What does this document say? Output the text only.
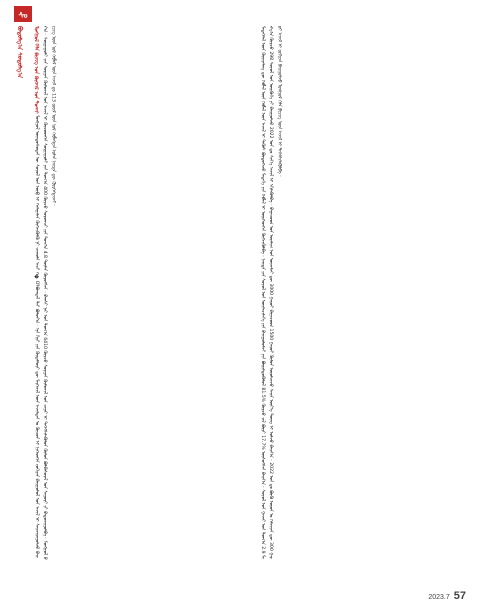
ᠰᠤ
ᠪᠣᠳᠣᠯᠭ᠎ᠠ ᠰᠤᠳᠤᠯᠭ᠎ᠠ	ᠮᠣᠩᠭᠣᠯ ᠬᠡᠯᠡ ᠪᠢᠴᠢᠭ ᠤᠨ ᠬᠥᠭᠵᠢᠯ ᠤᠨ ᠲᠤᠬᠠᠢ ᠮᠣᠩᠭᠣᠯ ᠦᠨᠳᠦᠰᠦᠲᠡᠨ ᠦ ᠰᠣᠶᠣᠯ ᠤᠨ ᠥᠪ ᠢ ᠬᠠᠮᠠᠭᠠᠯᠠᠨ ᠬᠥᠭᠵᠢᠭᠦᠯᠬᠦ ᠨᠢ ᠴᠢᠬᠤᠯᠠ ᠠᠴᠢ ᠬ�O᠌ᠯᠪᠣᠭᠳᠠᠯ ᠲᠠᠢ ᠪᠣᠯᠤᠨ᠎ᠠ᠃ ᠡᠨᠡ ᠬᠢᠷᠢ ᠶᠢᠨ ᠬᠦᠳᠡᠯᠮᠦᠷᠢ ᠳᠦ ᠮᠡᠷᠭᠡᠵᠢᠯ ᠦᠨ ᠠᠵᠢᠯᠲᠠᠨ ᠤ ᠬᠦᠴᠦᠨ ᠢ ᠨᠢᠭᠡᠳᠬᠡᠨ ᠵᠣᠬᠢᠶᠠᠨ ᠪᠠᠢᠭᠤᠯᠤᠯ ᠤᠨ ᠠᠵᠢᠯ ᠢ ᠰᠠᠢᠵᠢᠷᠠᠭᠤᠯᠵᠤ ᠪᠠᠢᠨ᠎ᠠ᠃ ᠰᠤᠷᠭᠠᠭᠤᠯᠢ ᠶᠢᠨ ᠰᠤᠷᠭᠠᠨ ᠬᠥᠮᠦᠵᠢᠯ ᠤᠨ ᠠᠵᠢᠯ ᠢ ᠬᠦᠴᠦᠳᠬᠡᠨ ᠰᠤᠷᠭᠠᠭᠤᠯᠢ ᠶᠢᠨ ᠲᠣᠭ᠎ᠠ 400 ᠬᠦᠷᠴᠦ ᠰᠤᠷᠤᠭᠴᠢ ᠶᠢᠨ ᠲᠣᠭ᠎ᠠ 4.8 ᠲᠦᠮᠡᠨ ᠬᠦᠷᠦᠭᠰᠡᠨ᠃ ᠪᠠᠭᠰᠢ ᠨᠠᠷ ᠤᠨ ᠲᠣᠭ᠎ᠠ 6410 ᠬᠦᠷᠴᠦ ᠰᠤᠷᠭᠠᠨ ᠬᠥᠮᠦᠵᠢᠯ ᠤᠨ ᠴᠢᠨᠠᠷ ᠢ ᠳᠡᠭᠡᠭᠰᠢᠯᠡᠭᠦᠯᠦᠨ ᠬᠥᠮᠦᠨ ᠪᠣᠯᠪᠠᠰᠤᠷᠠᠯ ᠤᠨ ᠰᠠᠭᠤᠷᠢ ᠶᠢ ᠪᠠᠲᠤᠵᠢᠭᠤᠯᠪᠠ᠃ ᠮᠣᠩᠭᠣᠯ ᠪᠢᠴᠢᠭ ᠦᠨ ᠨᠣᠮ ᠬᠡᠪᠯᠡᠯ ᠦᠨ ᠠᠵᠢᠯ ᠳᠤ 113 ᠵᠦᠢᠯ ᠦᠨ ᠨᠣᠮ ᠬᠡᠪᠯᠡᠭᠳᠡᠨ ᠣᠯᠠᠨ ᠨᠡᠢᠲᠡ ᠳᠦ ᠬᠦᠷᠭᠡᠭᠳᠡᠵᠡᠢ᠃	ᠮᠡᠳᠡᠭᠡᠯᠡᠯ ᠦᠨ ᠬᠦᠷᠢᠶᠡᠯᠡᠩ ᠳᠦ ᠬᠡᠪᠯᠡᠯ ᠦᠨ ᠬᠡᠪᠯᠡᠯ ᠦᠨ ᠠᠵᠢᠯ ᠢ ᠲᠡᠭᠦᠰ ᠪᠦᠲᠦᠭᠡᠵᠦ ᠮᠡᠳᠡᠭᠡ ᠶᠢᠨ ᠬᠡᠪᠯᠡᠯ ᠢ ᠥᠷᠭᠡᠳᠬᠡᠨ ᠬᠥᠭᠵᠢᠭᠦᠯᠪᠡ᠃ ᠨᠡᠢᠲᠡ ᠶᠢᠨ ᠰᠣᠶᠣᠯ ᠤᠨ ᠦᠢᠯᠡᠴᠢᠯᠡᠭᠡ ᠶᠢᠨ ᠪᠠᠢᠭᠤᠯᠤᠮᠵᠢ ᠶᠢᠨ ᠪᠦᠷᠢᠯᠳᠦᠭᠦᠯᠦᠯ 81.5% ᠬᠦᠷᠴᠦ ᠵᠢᠯ ᠪᠦᠷᠢ 17.7% ᠦᠰᠦᠭᠰᠡᠨ ᠪᠠᠢᠨ᠎ᠠ᠃ ᠰᠣᠶᠣᠯ ᠤᠨ ᠭᠠᠵᠠᠷ ᠤᠨ ᠲᠣᠭ᠎ᠠ 2.9 ᠮᠢᠩᠭ᠎ᠠ ᠬᠦᠷᠴᠦ 298 ᠰᠣᠶᠣᠯ ᠤᠨ ᠥᠷᠭᠦᠭᠡ ᠶᠢ ᠪᠠᠢᠭᠤᠯᠵᠤ 2022 ᠣᠨ ᠳᠤ ᠰᠢᠨ᠎ᠡ ᠠᠵᠢᠯ ᠢ ᠡᠬᠢᠯᠡᠭᠦᠯᠪᠡ᠃ ᠪᠠᠭᠠᠴᠤᠳ ᠤᠨ ᠤᠷᠠᠯᠢᠭ ᠤᠨ ᠦᠵᠡᠮᠵᠢ ᠳᠦ 3000 ᠭᠠᠷᠤᠢ ᠪᠠᠭᠠᠴᠤᠳ 1500 ᠭᠠᠷᠤᠢ ᠬᠦᠮᠦᠨ ᠣᠷᠣᠯᠴᠠᠵᠤ ᠰᠠᠢᠨ ᠦᠷ᠎ᠡ ᠳᠦᠩ ᠢ ᠣᠯᠵᠤ ᠪᠠᠢᠨ᠎ᠠ᠃ 2022 ᠣᠨ ᠳᠤ ᠪᠦᠬᠦ ᠣᠷᠤᠨ ᠤ ᠬᠡᠮᠵᠢᠶᠡᠨ ᠳᠦ 300 ᠭᠠᠷᠤᠢ ᠠᠵᠢᠯ ᠢ ᠵᠣᠬᠢᠶᠠᠨ ᠪᠠᠢᠭᠤᠯᠵᠤ ᠮᠣᠩᠭᠣᠯ ᠬᠡᠯᠡ ᠪᠢᠴᠢᠭ ᠦᠨ ᠠᠵᠢᠯ ᠢ ᠳᠡᠭᠡᠭᠰᠢᠯᠡᠭᠦᠯᠪᠡ᠃
2023.7 57
